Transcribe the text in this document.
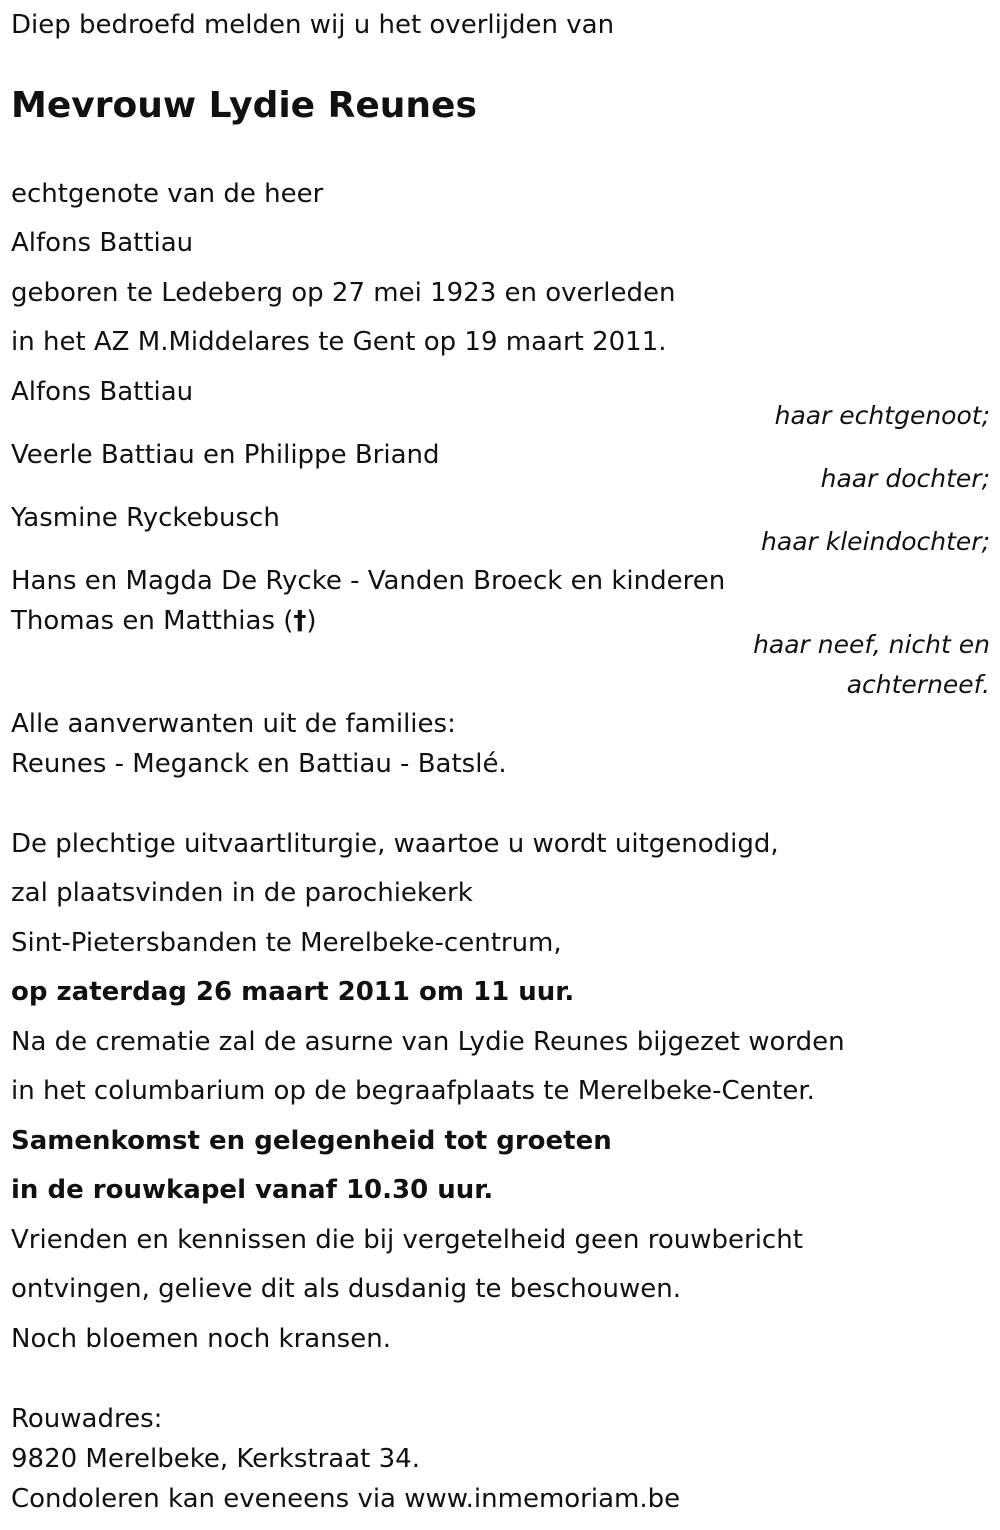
Diep bedroefd melden wij u het overlijden van
Mevrouw Lydie Reunes
echtgenote van de heer
Alfons Battiau
geboren te Ledeberg op 27 mei 1923 en overleden
in het AZ M.Middelares te Gent op 19 maart 2011.
Alfons Battiau
haar echtgenoot;
Veerle Battiau en Philippe Briand
haar dochter;
Yasmine Ryckebusch
haar kleindochter;
Hans en Magda De Rycke - Vanden Broeck en kinderen
Thomas en Matthias (†)
haar neef, nicht en
achterneef.
Alle aanverwanten uit de families:
Reunes - Meganck en Battiau - Batslé.
De plechtige uitvaartliturgie, waartoe u wordt uitgenodigd,
zal plaatsvinden in de parochiekerk
Sint-Pietersbanden te Merelbeke-centrum,
op zaterdag 26 maart 2011 om 11 uur.
Na de crematie zal de asurne van Lydie Reunes bijgezet worden
in het columbarium op de begraafplaats te Merelbeke-Center.
Samenkomst en gelegenheid tot groeten
in de rouwkapel vanaf 10.30 uur.
Vrienden en kennissen die bij vergetelheid geen rouwbericht
ontvingen, gelieve dit als dusdanig te beschouwen.
Noch bloemen noch kransen.
Rouwadres:
9820 Merelbeke, Kerkstraat 34.
Condoleren kan eveneens via www.inmemoriam.be
